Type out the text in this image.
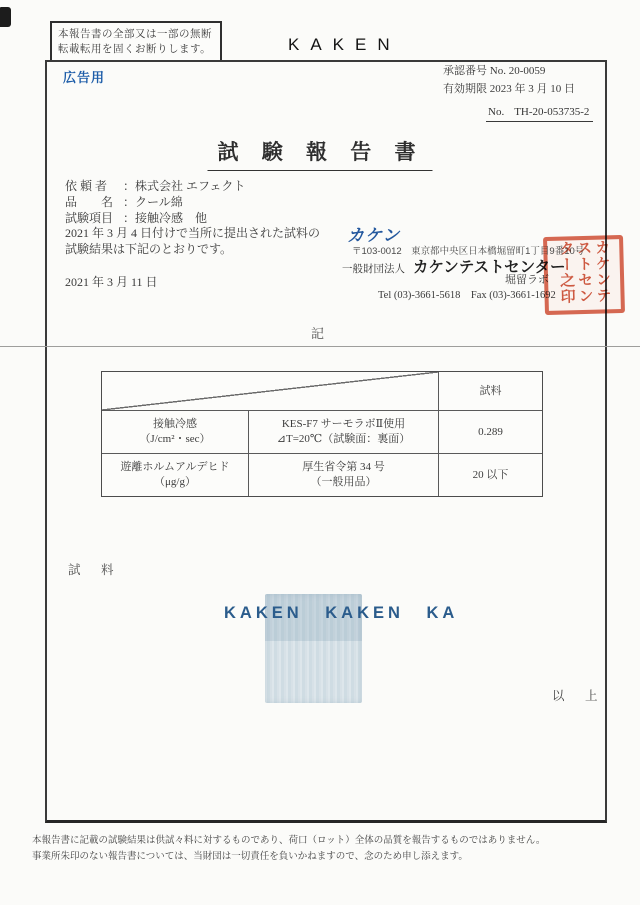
本報告書の全部又は一部の無断
転載転用を固くお断りします。	KAKEN
承認番号 No. 20-0059
有効期限 2023 年 3 月 10 日
No. TH-20-053735-2
広告用
試 験 報 告 書
依 頼 者 ：株式会社 エフェクト
品　　名 ：クール綿
試験項目 ：接触冷感　他
2021 年 3 月 4 日付けで当所に提出された試料の
試験結果は下記のとおりです。
2021 年 3 月 11 日
カケン
〒103-0012　東京都中央区日本橋堀留町1丁目9番10号
一般財団法人 カケンテストセンター
堀留ラボ
Tel (03)-3661-5618　Fax (03)-3661-1692	カケンテストセンター之印
記
試料
接触冷感
（J/cm²・sec）
KES-F7 サーモラボⅡ使用
⊿T=20℃（試験面：裏面）
0.289
遊離ホルムアルデヒド
（μg/g）
厚生省令第 34 号
（一般用品）
20 以下
試　料
KAKEN KAKEN KA
以　上
本報告書に記載の試験結果は供試々料に対するものであり、荷口（ロット）全体の品質を報告するものではありません。
事業所朱印のない報告書については、当財団は一切責任を負いかねますので、念のため申し添えます。
